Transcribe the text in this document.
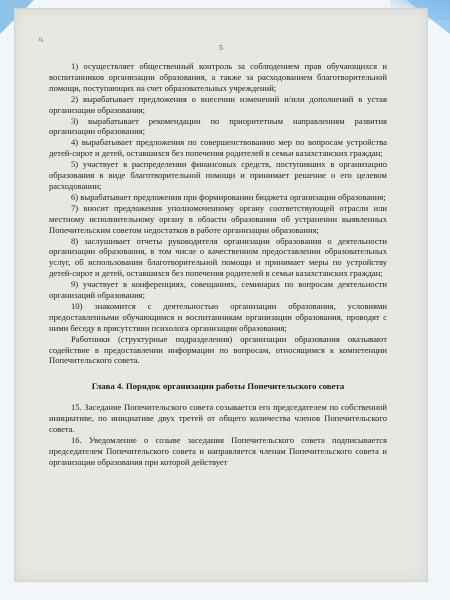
ц
5

1) осуществляет общественный контроль за соблюдением прав обучающихся и воспитанников организации образования, а также за расходованием благотворительной помощи, поступающих на счет образовательных учреждений;

2) вырабатывает предложения о внесении изменений и/или дополнений в устав организации образования;

3) вырабатывает рекомендации по приоритетным направлениям развития организации образования;

4) вырабатывает предложения по совершенствованию мер по вопросам устройства детей-сирот и детей, оставшихся без попечения родителей в семьи казахстанских граждан;

5) участвует в распределении финансовых средств, поступивших в организацию образования в виде благотворительной помощи и принимает решение о его целевом расходовании;

6) вырабатывает предложения при формировании бюджета организации образования;

7) вносит предложения уполномоченному органу соответствующей отрасли или местному исполнительному органу в области образования об устранении выявленных Попечительским советом недостатков в работе организации образования;

8) заслушивает отчеты руководителя организации образования о деятельности организации образования, в том числе о качественном предоставлении образовательных услуг, об использовании благотворительной помощи и принимает меры по устройству детей-сирот и детей, оставшихся без попечения родителей в семьи казахстанских граждан;

9) участвует в конференциях, совещаниях, семинарах по вопросам деятельности организаций образования;

10) знакомится с деятельностью организации образования, условиями предоставленными обучающимся и воспитанникам организации образования, проводят с ними беседу в присутствии психолога организации образования;

Работники (структурные подразделения) организации образования оказывают содействие в предоставлении информации по вопросам, относящимся к компетенции Попечительского совета.

Глава 4. Порядок организации работы Попечительского совета

15. Заседание Попечительского совета созывается его председателем по собственной инициативе, по инициативе двух третей от общего количества членов Попечительского совета.

16. Уведомление о созыве заседания Попечительского совета подписывается председателем Попечительского совета и направляется членам Попечительского совета и организации образования при которой действует
